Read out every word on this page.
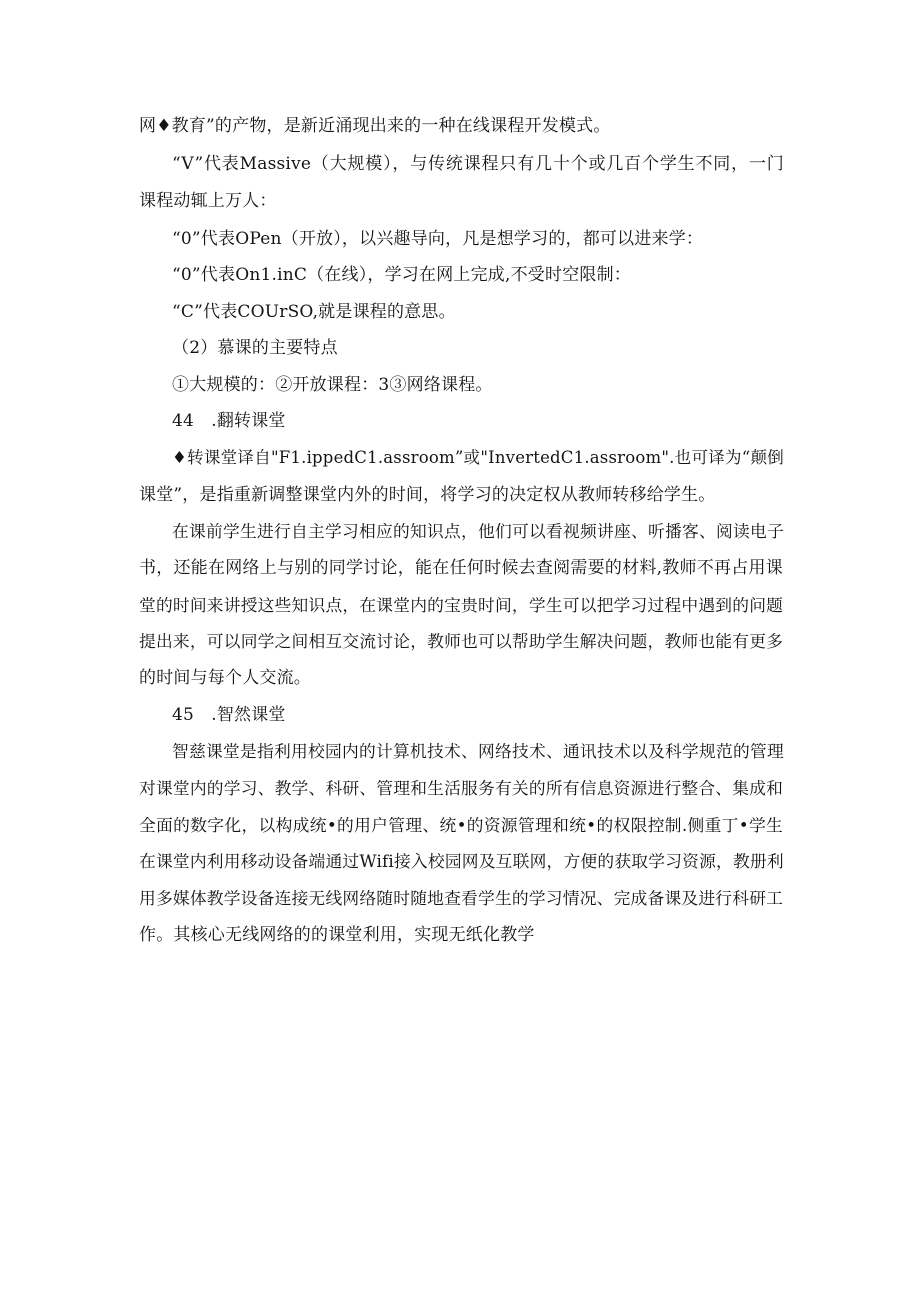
网♦教育”的产物，是新近涌现出来的一种在线课程开发模式。
“V”代表Massive（大规模），与传统课程只有几十个或几百个学生不同，一门
课程动辄上万人：
“0”代表OPen（开放），以兴趣导向，凡是想学习的，都可以进来学：
“0”代表On1.inC（在线），学习在网上完成,不受时空限制：
“C”代表COUrSO,就是课程的意思。
（2）慕课的主要特点
①大规模的：②开放课程：3③网络课程。
44　.翻转课堂
♦转课堂译自"F1.ippedC1.assroom”或"InvertedC1.assroom".也可译为“颠倒
课堂”，是指重新调整课堂内外的时间，将学习的决定权从教师转移给学生。
在课前学生进行自主学习相应的知识点，他们可以看视频讲座、听播客、阅读电子
书，还能在网络上与别的同学讨论，能在任何时候去查阅需要的材料,教师不再占用课
堂的时间来讲授这些知识点，在课堂内的宝贵时间，学生可以把学习过程中遇到的问题
提出来，可以同学之间相互交流讨论，教师也可以帮助学生解决问题，教师也能有更多
的时间与每个人交流。
45　.智然课堂
智慈课堂是指利用校园内的计算机技术、网络技术、通讯技术以及科学规范的管理
对课堂内的学习、教学、科研、管理和生活服务有关的所有信息资源进行整合、集成和
全面的数字化，以构成统•的用户管理、统•的资源管理和统•的权限控制.侧重丁•学生
在课堂内利用移动设备端通过Wifi接入校园网及互联网，方便的获取学习资源，教册利
用多媒体教学设备连接无线网络随时随地查看学生的学习情况、完成备课及进行科研工
作。其核心无线网络的的课堂利用，实现无纸化教学
